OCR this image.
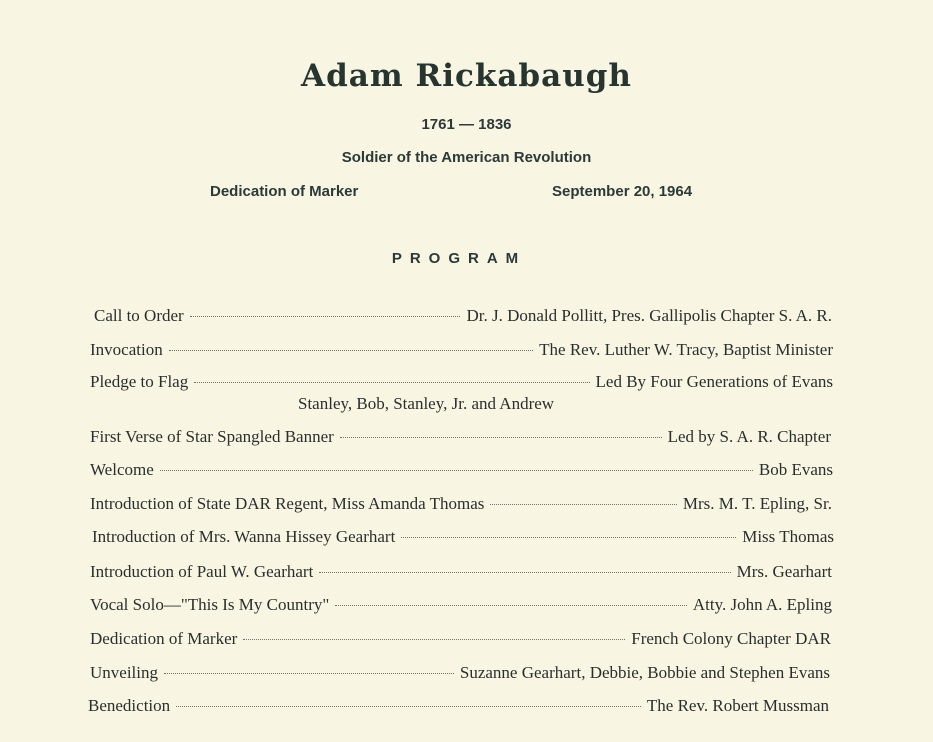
Adam Rickabaugh
1761 — 1836
Soldier of the American Revolution
Dedication of Marker	September 20, 1964
PROGRAM
Call to Order	Dr. J. Donald Pollitt, Pres. Gallipolis Chapter S. A. R.
Invocation	The Rev. Luther W. Tracy, Baptist Minister
Pledge to Flag	Led By Four Generations of Evans
Stanley, Bob, Stanley, Jr. and Andrew
First Verse of Star Spangled Banner	Led by S. A. R. Chapter
Welcome	Bob Evans
Introduction of State DAR Regent, Miss Amanda Thomas	Mrs. M. T. Epling, Sr.
Introduction of Mrs. Wanna Hissey Gearhart	Miss Thomas
Introduction of Paul W. Gearhart	Mrs. Gearhart
Vocal Solo—"This Is My Country"	Atty. John A. Epling
Dedication of Marker	French Colony Chapter DAR
Unveiling	Suzanne Gearhart, Debbie, Bobbie and Stephen Evans
Benediction	The Rev. Robert Mussman
